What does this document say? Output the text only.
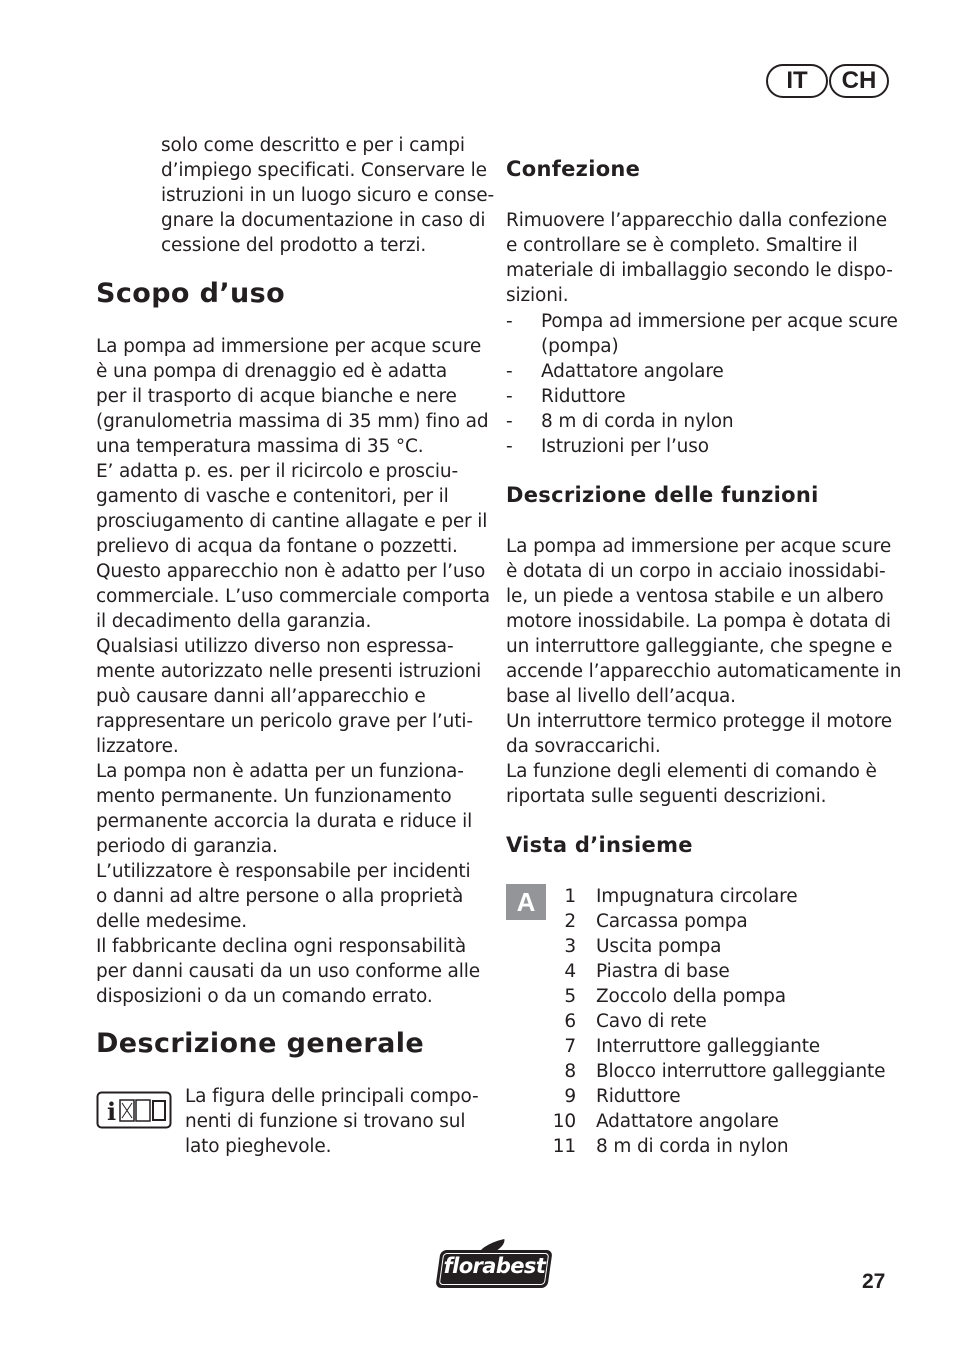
IT	CH
solo come descritto e per i campi
d’impiego specificati. Conservare le
istruzioni in un luogo sicuro e conse-
gnare la documentazione in caso di
cessione del prodotto a terzi.
Scopo d’uso
La pompa ad immersione per acque scure
è una pompa di drenaggio ed è adatta
per il trasporto di acque bianche e nere
(granulometria massima di 35 mm) fino ad
una temperatura massima di 35 °C.
E’ adatta p. es. per il ricircolo e prosciu-
gamento di vasche e contenitori, per il
prosciugamento di cantine allagate e per il
prelievo di acqua da fontane o pozzetti.
Questo apparecchio non è adatto per l’uso
commerciale. L’uso commerciale comporta
il decadimento della garanzia.
Qualsiasi utilizzo diverso non espressa-
mente autorizzato nelle presenti istruzioni
può causare danni all’apparecchio e
rappresentare un pericolo grave per l’uti-
lizzatore.
La pompa non è adatta per un funziona-
mento permanente. Un funzionamento
permanente accorcia la durata e riduce il
periodo di garanzia.
L’utilizzatore è responsabile per incidenti
o danni ad altre persone o alla proprietà
delle medesime.
Il fabbricante declina ogni responsabilità
per danni causati da un uso conforme alle
disposizioni o da un comando errato.
Descrizione generale
i
La figura delle principali compo-
nenti di funzione si trovano sul
lato pieghevole.
Confezione
Rimuovere l’apparecchio dalla confezione
e controllare se è completo. Smaltire il
materiale di imballaggio secondo le dispo-
sizioni.
- Pompa ad immersione per acque scure
(pompa)
- Adattatore angolare
- Riduttore
- 8 m di corda in nylon
- Istruzioni per l’uso
Descrizione delle funzioni
La pompa ad immersione per acque scure
è dotata di un corpo in acciaio inossidabi-
le, un piede a ventosa stabile e un albero
motore inossidabile. La pompa è dotata di
un interruttore galleggiante, che spegne e
accende l’apparecchio automaticamente in
base al livello dell’acqua.
Un interruttore termico protegge il motore
da sovraccarichi.
La funzione degli elementi di comando è
riportata sulle seguenti descrizioni.
Vista d’insieme
A	1 Impugnatura circolare
2 Carcassa pompa
3 Uscita pompa
4 Piastra di base
5 Zoccolo della pompa
6 Cavo di rete
7 Interruttore galleggiante
8 Blocco interruttore galleggiante
9 Riduttore
10 Adattatore angolare
11 8 m di corda in nylon
florabest
27
